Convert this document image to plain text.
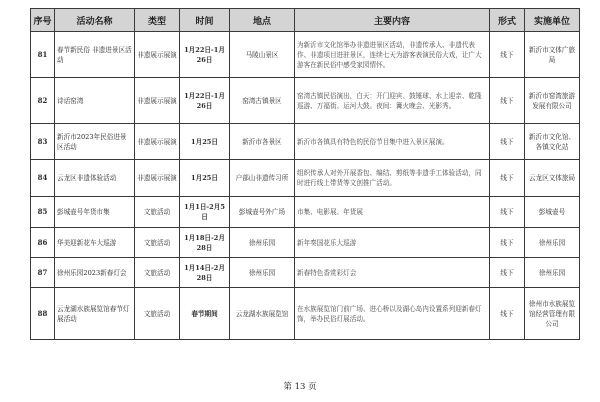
序号	活动名称	类型	时间	地点	主要内容	形式	实施单位
81	春节新民俗 非遗进景区活动	非遗展示展演	1月22日-1月26日	马陵山景区	为新沂市文化馆举办非遗进景区活动，非遗传承人、非遗代表作、非遗项目进驻景区，连续七天为游客表演民俗大戏，让广大游客在新民俗中感受家园情怀。	线下	新沂市文体广旅局
82	诗话窑湾	非遗展示展演	1月22日-1月26日	窑湾古镇景区	窑湾古镇民俗演出，白天：开门迎宾、鼓锤球、水上迎亲、乾隆巡游、万福街、运河大鼓。夜间：篝火晚会、光影秀。	线下	新沂市窑湾旅游发展有限公司
83	新沂市2023年民俗进景区活动	非遗展示展演	1月25日	新沂市各景区	新沂市各镇具有特色的民俗节目集中进入景区展演。	线下	新沂市文化馆、各镇文化站
84	云龙区非遗体验活动	非遗展示展演	1月25日	户部山非遗传习所	组织传承人对外开展香包、编结、剪纸等非遗手工体验活动，同时进行线上带货等文创推广活动。	线下	云龙区文体旅局
85	彭城壶号年货市集	文旅活动	1月1日-2月5日	彭城壶号外广场	市集、电影展、年货展	线下	彭城壶号
86	华美迎新花车大巡游	文旅活动	1月18日-2月28日	徐州乐园	新年奏国花乐大巡游	线下	徐州乐园
87	徐州乐园2023新春灯会	文旅活动	1月14日-2月28日	徐州乐园	新春特色香赏彩灯会	线下	徐州乐园
88	云龙湖水族展览馆春节灯展活动	文旅活动	春节期间	云龙湖水族展览馆	在水族展览馆门前广场、进心桥以及湖心岛内设置系列迎新春灯饰，举办民俗灯展活动。	线下	徐州市水族展览馆经营管理有限公司
第 13 页
